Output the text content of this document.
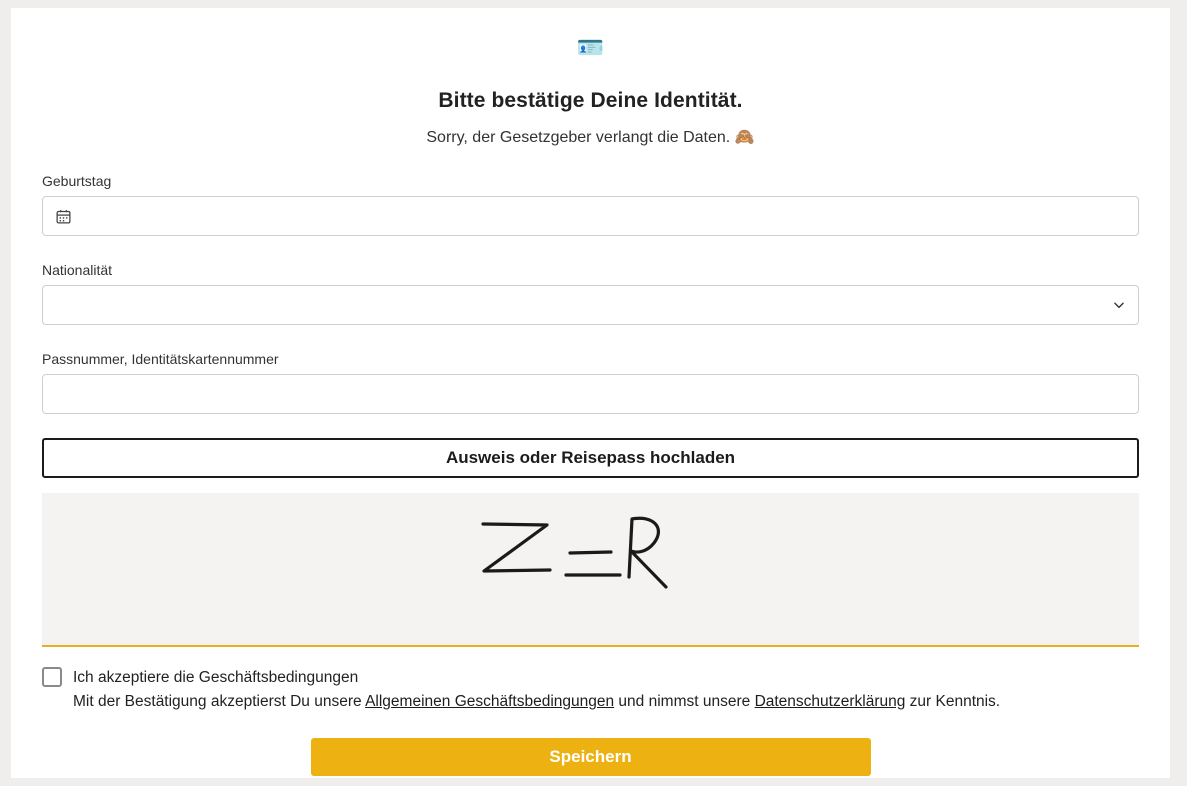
🪪
Bitte bestätige Deine Identität.

Sorry, der Gesetzgeber verlangt die Daten. 🙈

Geburtstag
Nationalität
Passnummer, Identitätskartennummer
Ausweis oder Reisepass hochladen
Ich akzeptiere die Geschäftsbedingungen
Mit der Bestätigung akzeptierst Du unsere Allgemeinen Geschäftsbedingungen und nimmst unsere Datenschutzerklärung zur Kenntnis.
Speichern
